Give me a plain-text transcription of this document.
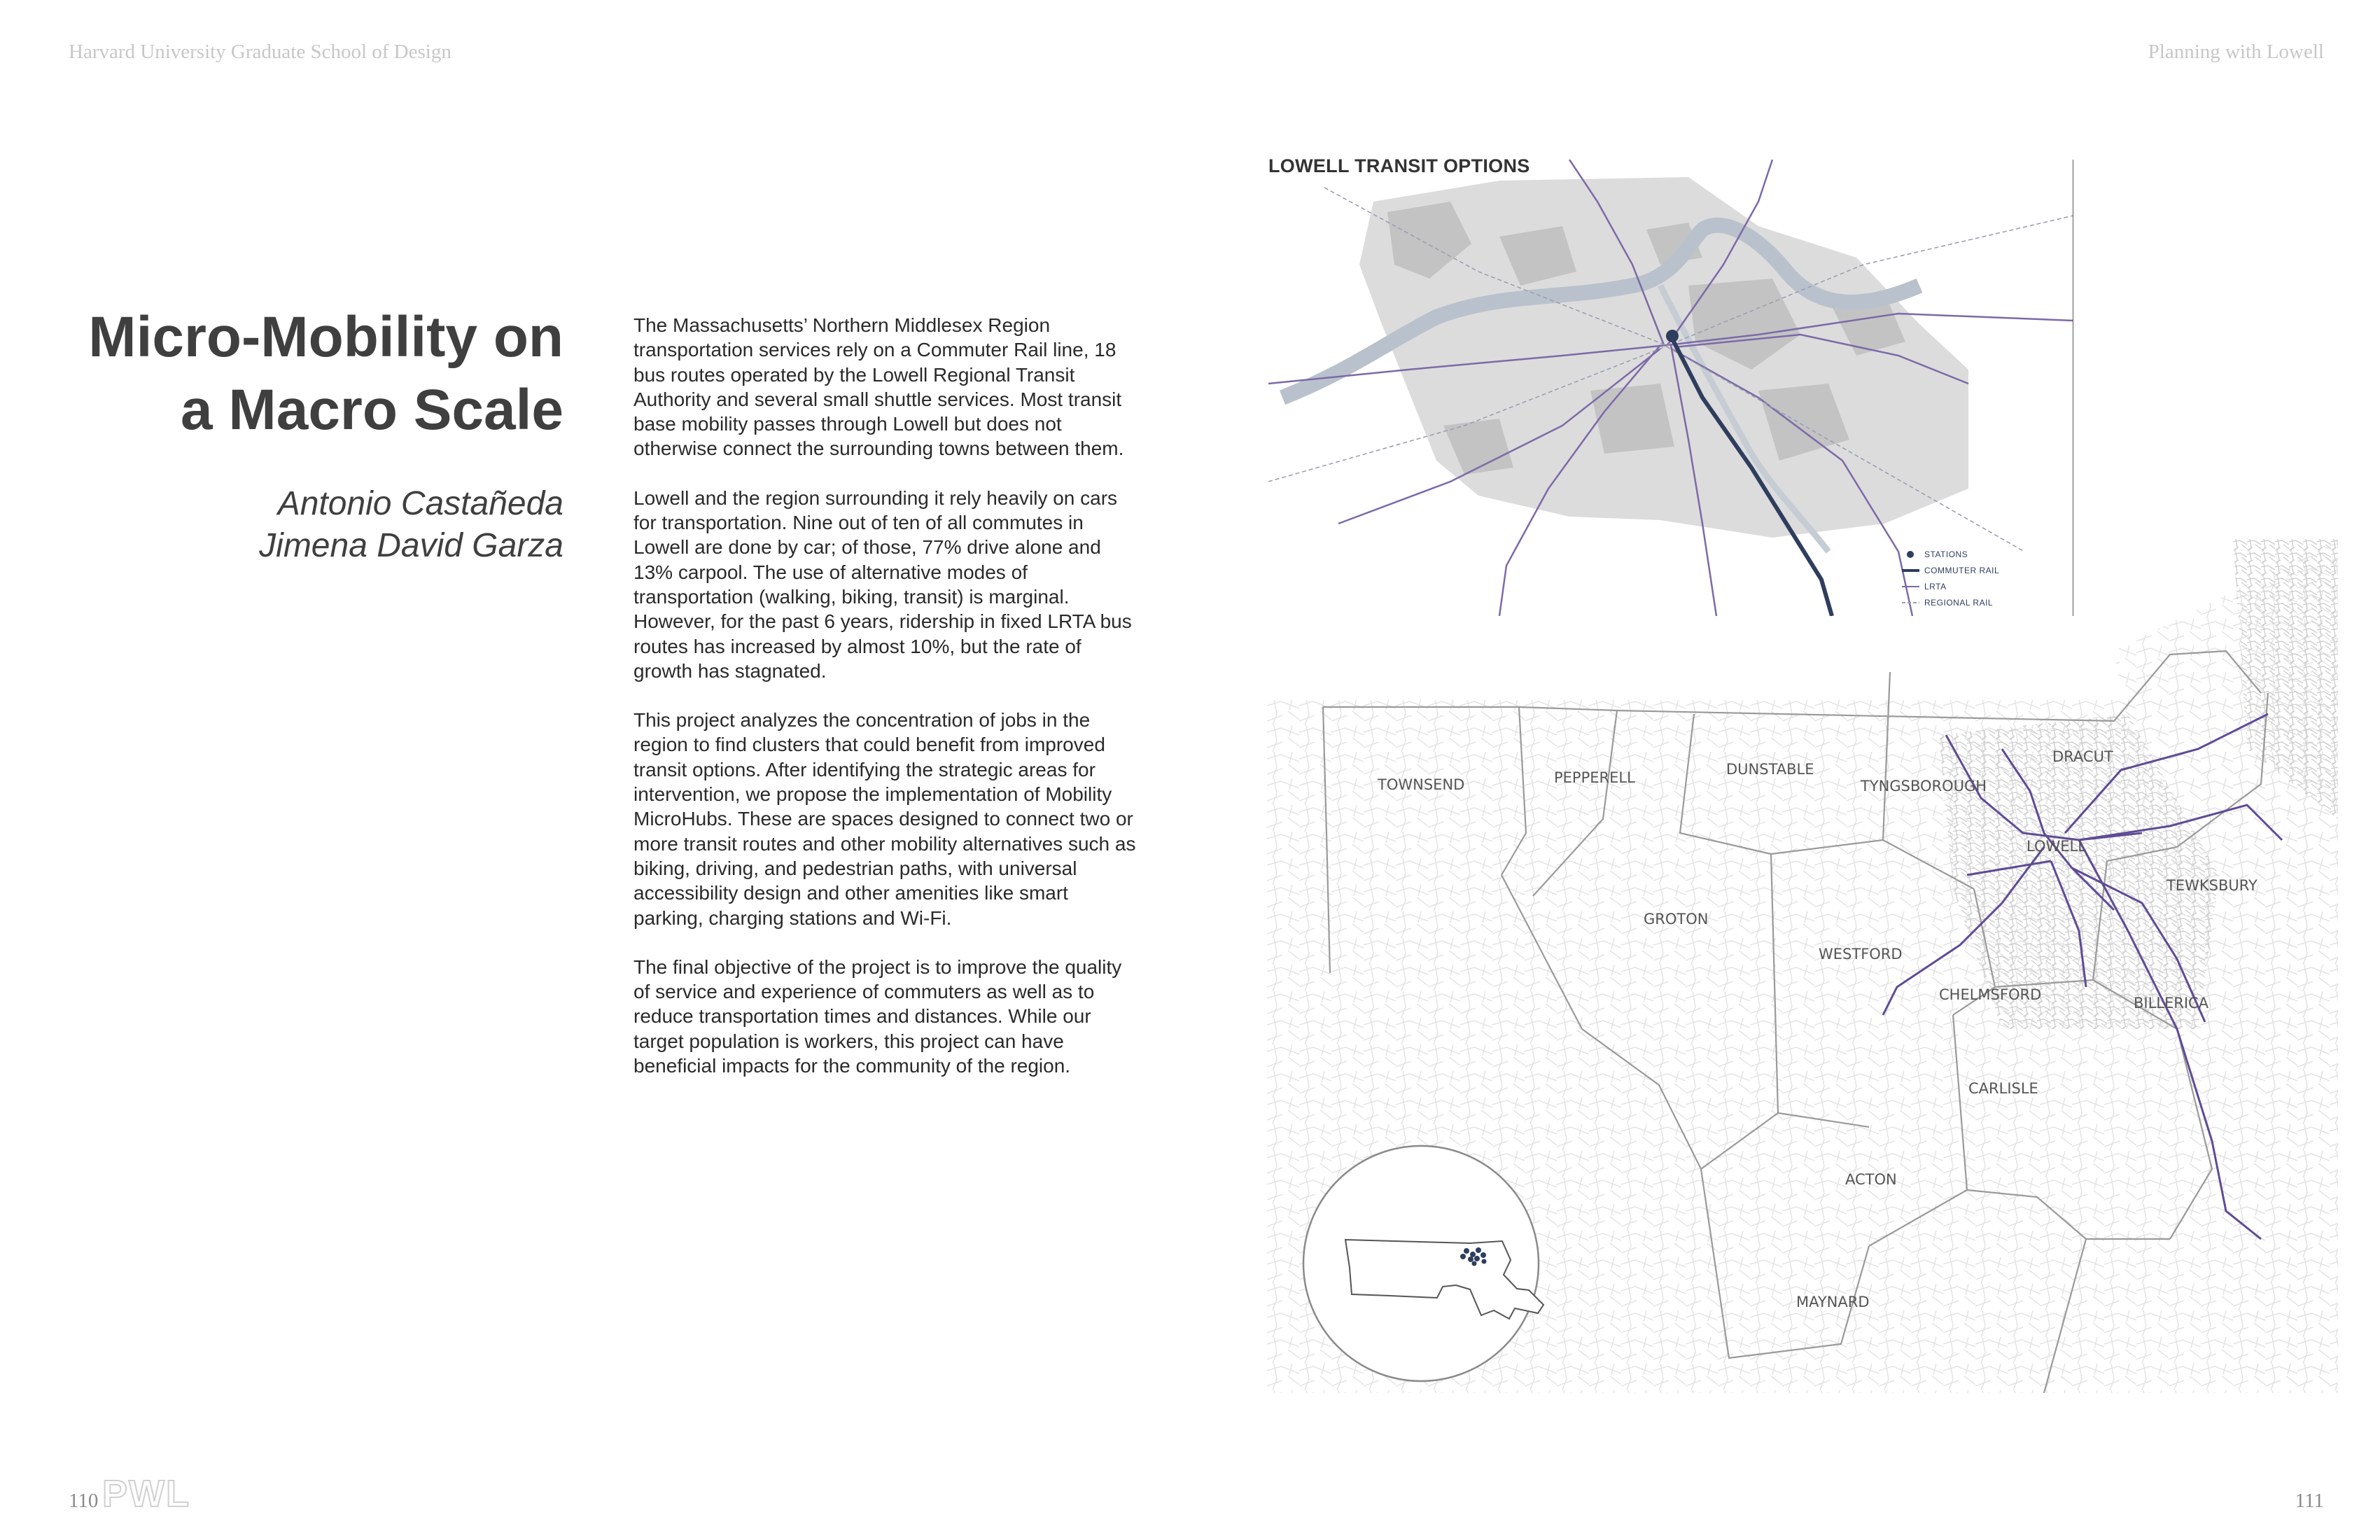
Harvard University Graduate School of Design	Planning with Lowell
Micro-Mobility on
a Macro Scale
Antonio Castañeda
Jimena David Garza

The Massachusetts’ Northern Middlesex Region transportation services rely on a Commuter Rail line, 18 bus routes operated by the Lowell Regional Transit Authority and several small shuttle services. Most transit base mobility passes through Lowell but does not otherwise connect the surrounding towns between them.

Lowell and the region surrounding it rely heavily on cars for transportation. Nine out of ten of all commutes in Lowell are done by car; of those, 77% drive alone and 13% carpool. The use of alternative modes of transportation (walking, biking, transit) is marginal. However, for the past 6 years, ridership in fixed LRTA bus routes has increased by almost 10%, but the rate of growth has stagnated.

This project analyzes the concentration of jobs in the region to find clusters that could benefit from improved transit options. After identifying the strategic areas for intervention, we propose the implementation of Mobility MicroHubs. These are spaces designed to connect two or more transit routes and other mobility alternatives such as biking, driving, and pedestrian paths, with universal accessibility design and other amenities like smart parking, charging stations and Wi-Fi.

The final objective of the project is to improve the quality of service and experience of commuters as well as to reduce transportation times and distances. While our target population is workers, this project can have beneficial impacts for the community of the region.

LOWELL TRANSIT OPTIONS
STATIONS
COMMUTER RAIL
LRTA
REGIONAL RAIL
TOWNSEND	PEPPERELL	DUNSTABLE
TYNGSBOROUGH
DRACUT
LOWELL
TEWKSBURY
GROTON
WESTFORD
CHELMSFORD	BILLERICA
CARLISLE
ACTON
MAYNARD
110 PWL	111
